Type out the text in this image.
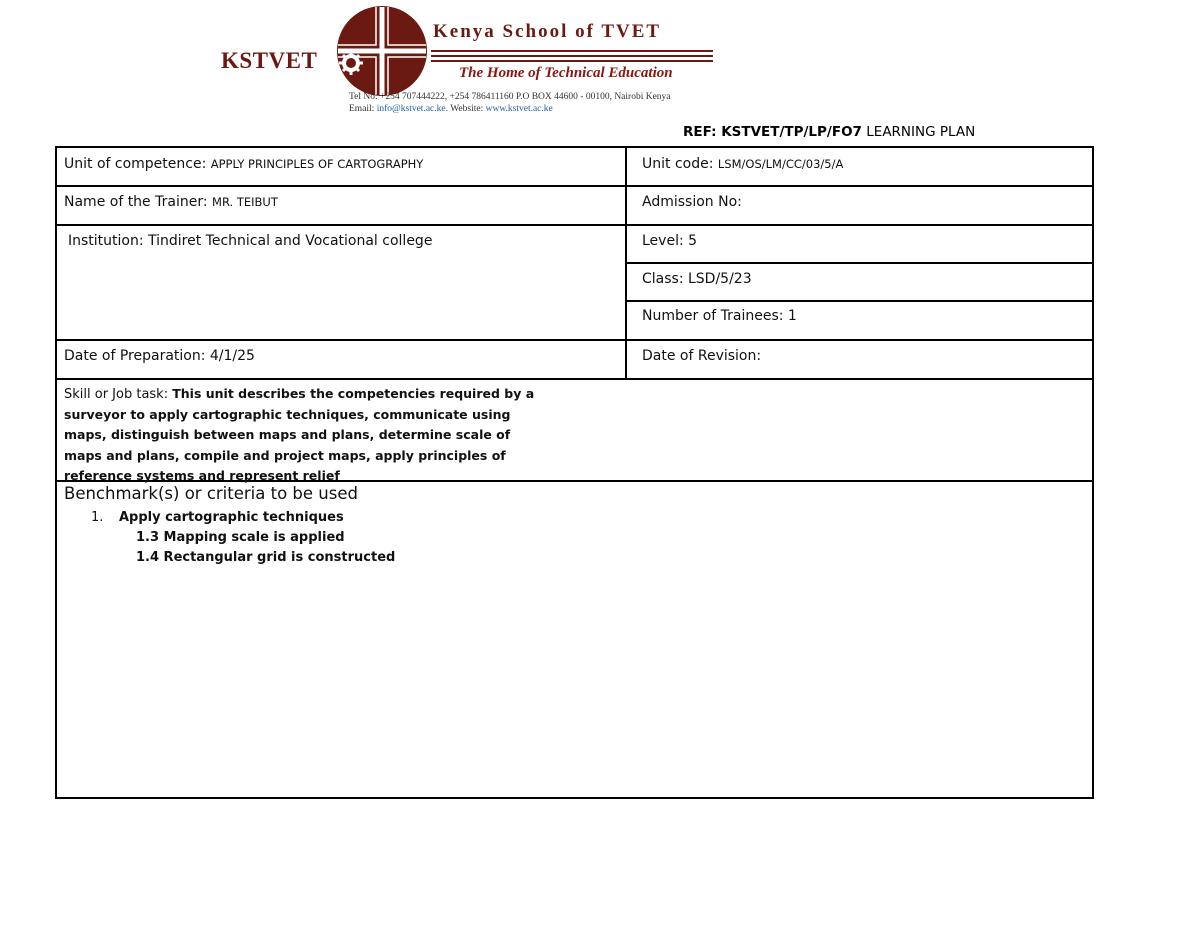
KSTVET
Kenya School of TVET
The Home of Technical Education
Tel No: +254 707444222, +254 786411160 P.O BOX 44600 - 00100, Nairobi Kenya
Email: info@kstvet.ac.ke. Website: www.kstvet.ac.ke
REF: KSTVET/TP/LP/FO7 LEARNING PLAN
Unit of competence: APPLY PRINCIPLES OF CARTOGRAPHY	Unit code: LSM/OS/LM/CC/03/5/A
Name of the Trainer: MR. TEIBUT	Admission No:
Institution: Tindiret Technical and Vocational college	Level: 5
Class: LSD/5/23
Number of Trainees: 1
Date of Preparation: 4/1/25	Date of Revision:
Skill or Job task: This unit describes the competencies required by a surveyor to apply cartographic techniques, communicate using maps, distinguish between maps and plans, determine scale of maps and plans, compile and project maps, apply principles of reference systems and represent relief
Benchmark(s) or criteria to be used
1. Apply cartographic techniques
1.3 Mapping scale is applied
1.4 Rectangular grid is constructed
